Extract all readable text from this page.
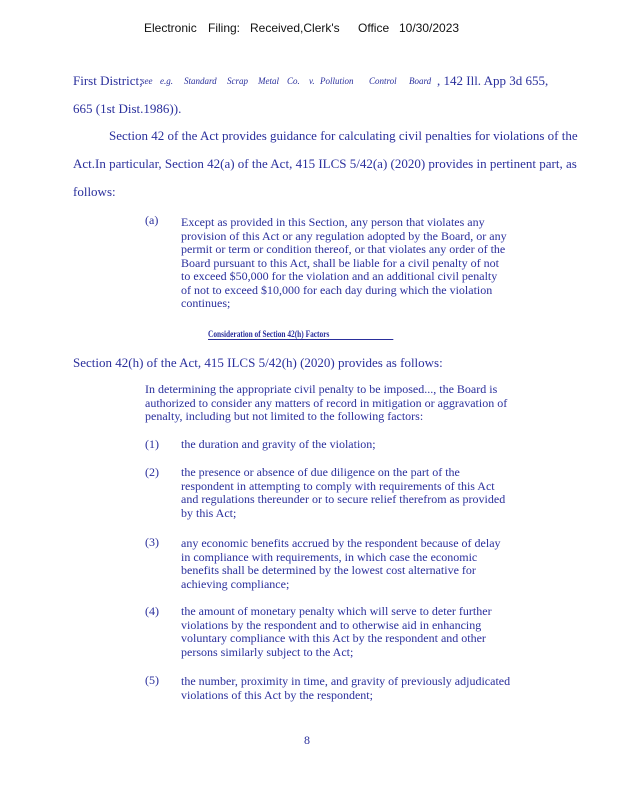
Electronic Filing: Received,Clerk's Office 10/30/2023
First District;
see e.g. Standard Scrap Metal Co. v. Pollution Control Board , 142 Ill. App 3d 655,
665 (1st Dist.1986)).
Section 42 of the Act provides guidance for calculating civil penalties for violations of the
Act.In particular, Section 42(a) of the Act, 415 ILCS 5/42(a) (2020) provides in pertinent part, as
follows:
(a) Except as provided in this Section, any person that violates any
provision of this Act or any regulation adopted by the Board, or any
permit or term or condition thereof, or that violates any order of the
Board pursuant to this Act, shall be liable for a civil penalty of not
to exceed $50,000 for the violation and an additional civil penalty
of not to exceed $10,000 for each day during which the violation
continues;
Consideration of Section 42(h) Factors
Section 42(h) of the Act, 415 ILCS 5/42(h) (2020) provides as follows:
In determining the appropriate civil penalty to be imposed..., the Board is
authorized to consider any matters of record in mitigation or aggravation of
penalty, including but not limited to the following factors:
(1) the duration and gravity of the violation;
(2) the presence or absence of due diligence on the part of the
respondent in attempting to comply with requirements of this Act
and regulations thereunder or to secure relief therefrom as provided
by this Act;
(3) any economic benefits accrued by the respondent because of delay
in compliance with requirements, in which case the economic
benefits shall be determined by the lowest cost alternative for
achieving compliance;
(4) the amount of monetary penalty which will serve to deter further
violations by the respondent and to otherwise aid in enhancing
voluntary compliance with this Act by the respondent and other
persons similarly subject to the Act;
(5) the number, proximity in time, and gravity of previously adjudicated
violations of this Act by the respondent;
8
